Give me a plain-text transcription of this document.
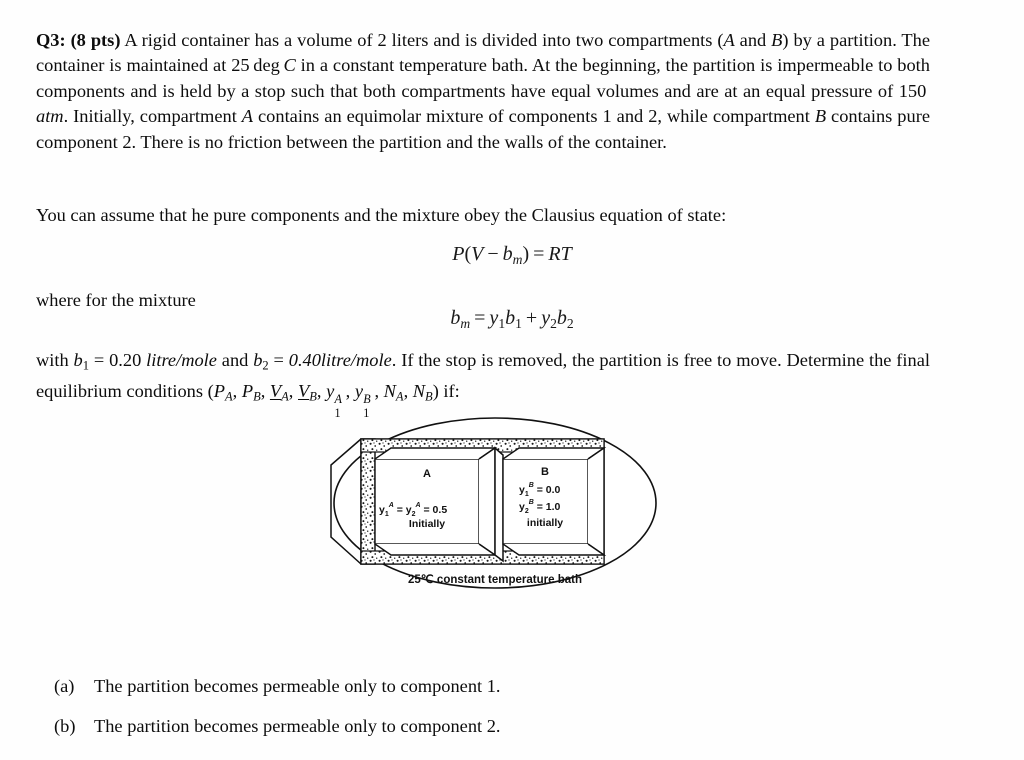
Q3: (8 pts) A rigid container has a volume of 2 liters and is divided into two compartments (A and B) by a partition. The container is maintained at 25  deg  C in a constant temperature bath. At the beginning, the partition is impermeable to both components and is held by a stop such that both compartments have equal volumes and are at an equal pressure of 150 atm. Initially, compartment A contains an equimolar mixture of components 1 and 2, while compartment B contains pure component 2. There is no friction between the partition and the walls of the container.
You can assume that he pure components and the mixture obey the Clausius equation of state:
$P(V - b_m)$ = RT
where for the mixture
$b_m = y_1b_1 + y_2b_2$
with $b_1 = 0.20$ litre/mole and $b_2$ = 0.40litre/mole. If the stop is removed, the partition is free to move. Determine the final equilibrium conditions ($P_A$, $P_B$, $V_A$, $V_B$, y A
1
, y B
1
, $N_A$, $N_B$) if:
A
$y_1^A = y_2^A = 0.5$
Initially
B
$y_1^B = 0.0$
$y_2^B = 1.0$
initially
25℃ constant temperature bath
(a)	The partition becomes permeable only to component 1.
(b)	The partition becomes permeable only to component 2.
